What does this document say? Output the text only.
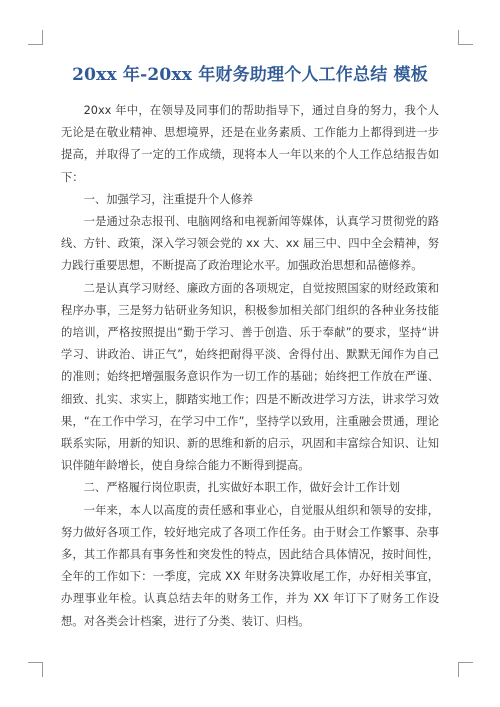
20xx 年-20xx 年财务助理个人工作总结 模板

20xx 年中，在领导及同事们的帮助指导下，通过自身的努力，我个人无论是在敬业精神、思想境界，还是在业务素质、工作能力上都得到进一步提高，并取得了一定的工作成绩，现将本人一年以来的个人工作总结报告如下：

一、加强学习，注重提升个人修养

一是通过杂志报刊、电脑网络和电视新闻等媒体，认真学习贯彻党的路线、方针、政策，深入学习领会党的 xx 大、xx 届三中、四中全会精神，努力践行重要思想，不断提高了政治理论水平。加强政治思想和品德修养。

二是认真学习财经、廉政方面的各项规定，自觉按照国家的财经政策和程序办事，三是努力钻研业务知识，积极参加相关部门组织的各种业务技能的培训，严格按照提出“勤于学习、善于创造、乐于奉献”的要求，坚持“讲学习、讲政治、讲正气”，始终把耐得平淡、舍得付出、默默无闻作为自己的准则；始终把增强服务意识作为一切工作的基础；始终把工作放在严谨、细致、扎实、求实上，脚踏实地工作；四是不断改进学习方法，讲求学习效果，“在工作中学习，在学习中工作”，坚持学以致用，注重融会贯通，理论联系实际，用新的知识、新的思维和新的启示，巩固和丰富综合知识、让知识伴随年龄增长，使自身综合能力不断得到提高。

二、严格履行岗位职责，扎实做好本职工作，做好会计工作计划

一年来，本人以高度的责任感和事业心，自觉服从组织和领导的安排，努力做好各项工作，较好地完成了各项工作任务。由于财会工作繁事、杂事多，其工作都具有事务性和突发性的特点，因此结合具体情况，按时间性，全年的工作如下：一季度，完成 XX 年财务决算收尾工作，办好相关事宜，办理事业年检。认真总结去年的财务工作，并为 XX 年订下了财务工作设想。对各类会计档案，进行了分类、装订、归档。
